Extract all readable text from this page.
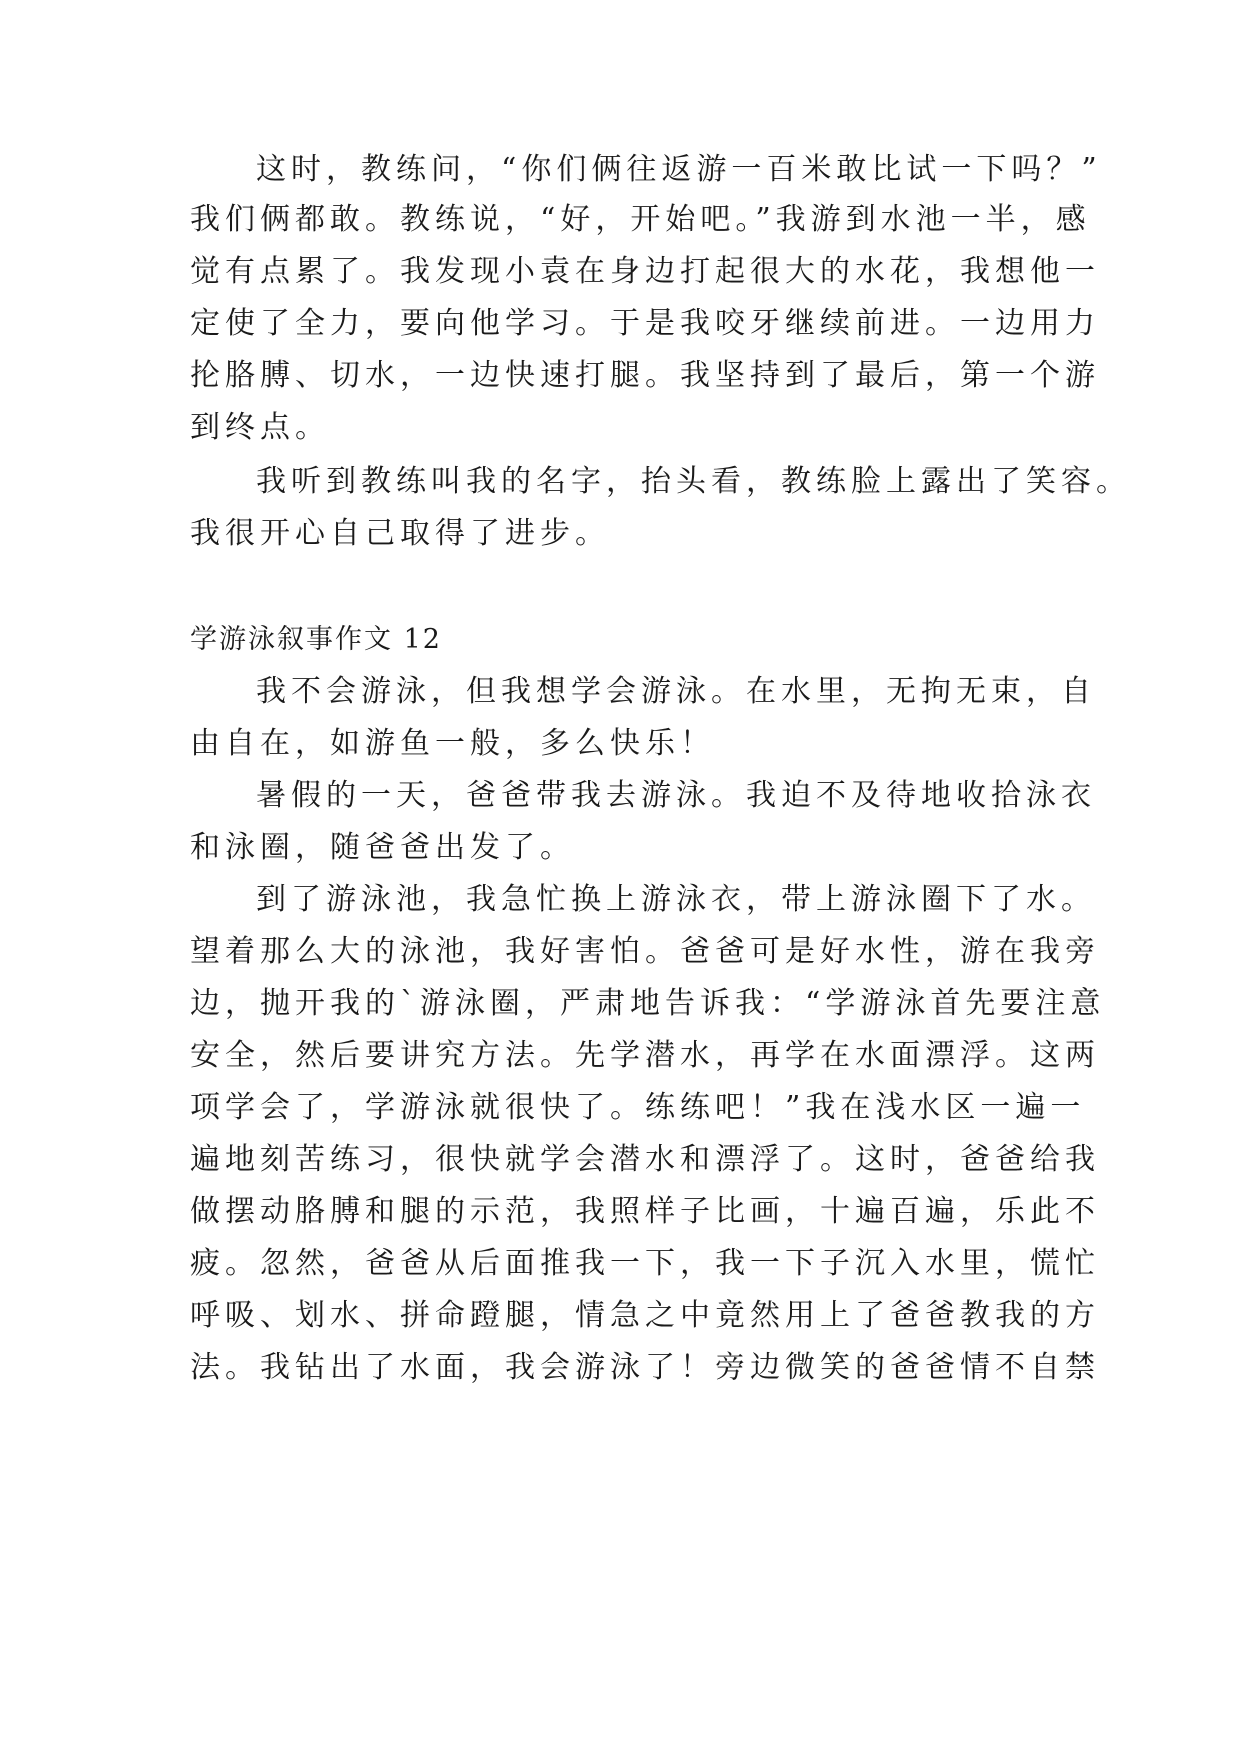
这时，教练问，“你们俩往返游一百米敢比试一下吗？”
我们俩都敢。教练说，“好，开始吧。”我游到水池一半，感
觉有点累了。我发现小袁在身边打起很大的水花，我想他一
定使了全力，要向他学习。于是我咬牙继续前进。一边用力
抡胳膊、切水，一边快速打腿。我坚持到了最后，第一个游
到终点。
我听到教练叫我的名字，抬头看，教练脸上露出了笑容。
我很开心自己取得了进步。
学游泳叙事作文 12
我不会游泳，但我想学会游泳。在水里，无拘无束，自
由自在，如游鱼一般，多么快乐！
暑假的一天，爸爸带我去游泳。我迫不及待地收拾泳衣
和泳圈，随爸爸出发了。
到了游泳池，我急忙换上游泳衣，带上游泳圈下了水。
望着那么大的泳池，我好害怕。爸爸可是好水性，游在我旁
边，抛开我的`游泳圈，严肃地告诉我：“学游泳首先要注意
安全，然后要讲究方法。先学潜水，再学在水面漂浮。这两
项学会了，学游泳就很快了。练练吧！”我在浅水区一遍一
遍地刻苦练习，很快就学会潜水和漂浮了。这时，爸爸给我
做摆动胳膊和腿的示范，我照样子比画，十遍百遍，乐此不
疲。忽然，爸爸从后面推我一下，我一下子沉入水里，慌忙
呼吸、划水、拼命蹬腿，情急之中竟然用上了爸爸教我的方
法。我钻出了水面，我会游泳了！旁边微笑的爸爸情不自禁
